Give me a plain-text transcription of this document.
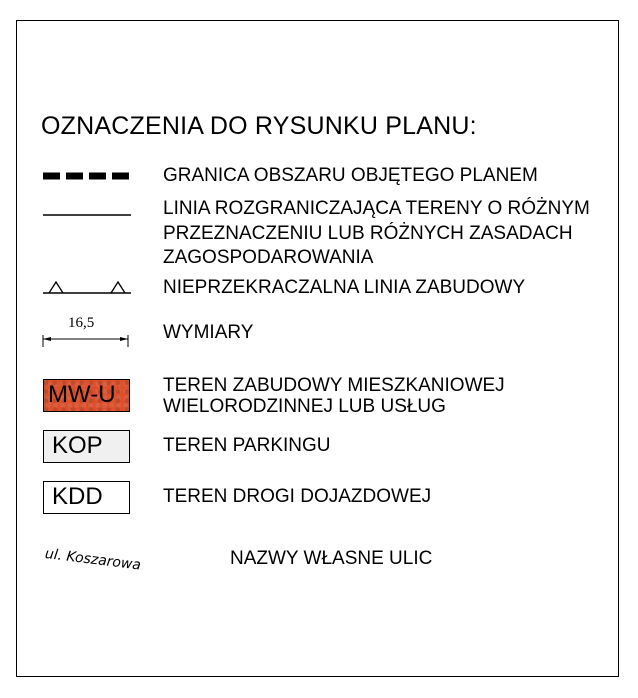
OZNACZENIA DO RYSUNKU PLANU:
GRANICA OBSZARU OBJĘTEGO PLANEM
LINIA ROZGRANICZAJĄCA TERENY O RÓŻNYM
PRZEZNACZENIU LUB RÓŻNYCH ZASADACH
ZAGOSPODAROWANIA
NIEPRZEKRACZALNA LINIA ZABUDOWY
16,5	WYMIARY
MW-U	TEREN ZABUDOWY MIESZKANIOWEJ
WIELORODZINNEJ LUB USŁUG
KOP	TEREN PARKINGU
KDD	TEREN DROGI DOJAZDOWEJ
ul. Koszarowa	NAZWY WŁASNE ULIC
